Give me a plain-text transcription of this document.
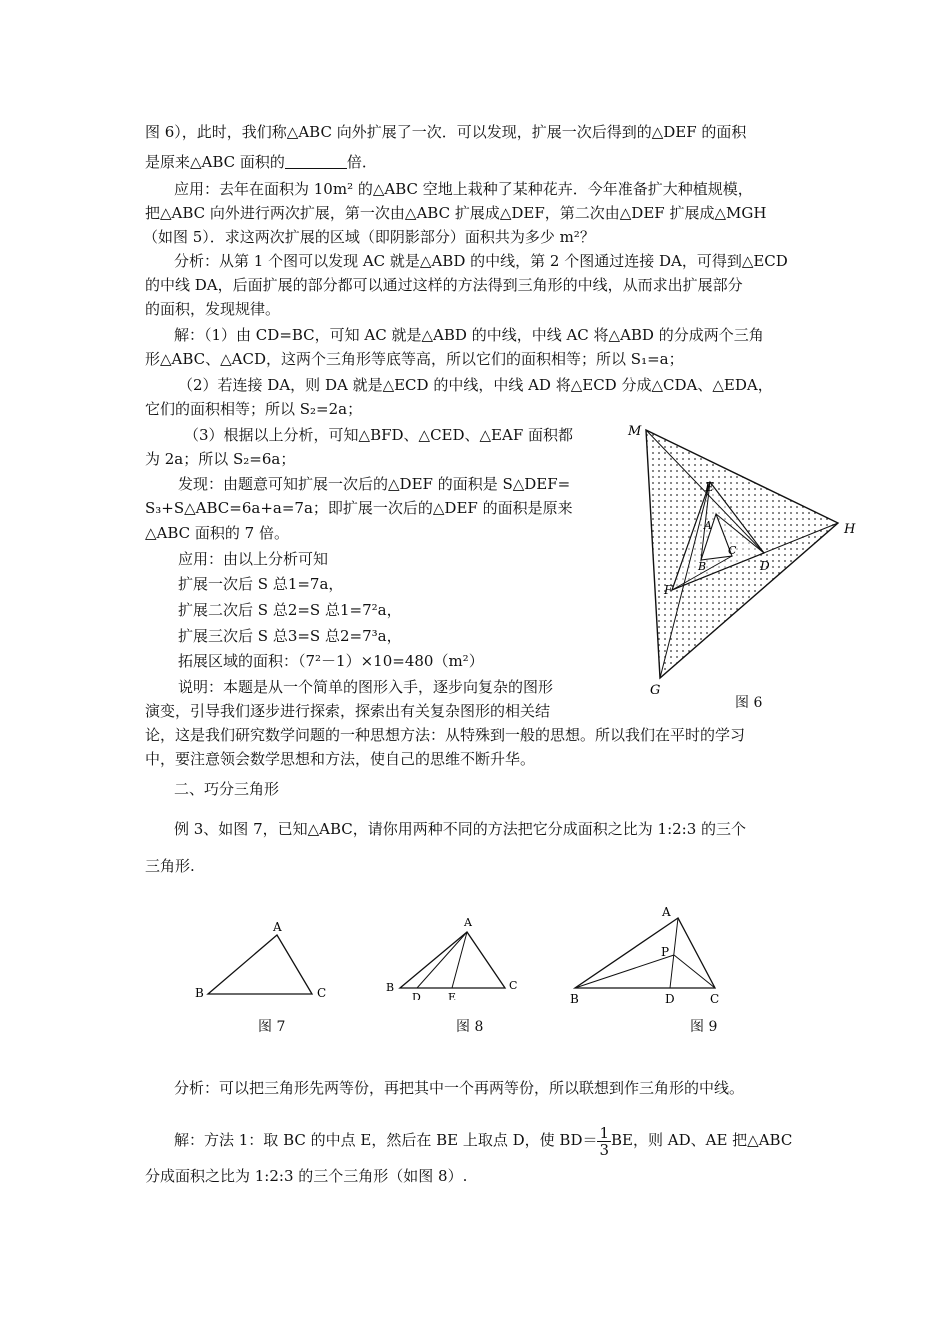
图 6），此时，我们称△ABC 向外扩展了一次．可以发现，扩展一次后得到的△DEF 的面积
是原来△ABC 面积的	倍．
应用：去年在面积为 10m² 的△ABC 空地上栽种了某种花卉．今年准备扩大种植规模，
把△ABC 向外进行两次扩展，第一次由△ABC 扩展成△DEF，第二次由△DEF 扩展成△MGH
（如图 5）．求这两次扩展的区域（即阴影部分）面积共为多少 m²？
分析：从第 1 个图可以发现 AC 就是△ABD 的中线，第 2 个图通过连接 DA，可得到△ECD
的中线 DA，后面扩展的部分都可以通过这样的方法得到三角形的中线，从而求出扩展部分
的面积，发现规律。
解：（1）由 CD=BC，可知 AC 就是△ABD 的中线，中线 AC 将△ABD 的分成两个三角
形△ABC、△ACD，这两个三角形等底等高，所以它们的面积相等；所以 S₁=a；
（2）若连接 DA，则 DA 就是△ECD 的中线，中线 AD 将△ECD 分成△CDA、△EDA，
它们的面积相等；所以 S₂=2a；
（3）根据以上分析，可知△BFD、△CED、△EAF 面积都
为 2a；所以 S₂=6a；
发现：由题意可知扩展一次后的△DEF 的面积是 S△DEF=
S₃+S△ABC=6a+a=7a；即扩展一次后的△DEF 的面积是原来
△ABC 面积的 7 倍。
应用：由以上分析可知
扩展一次后 S 总1=7a，
扩展二次后 S 总2=S 总1=7²a，
扩展三次后 S 总3=S 总2=7³a，
拓展区域的面积：（7²－1）×10=480（m²）
说明：本题是从一个简单的图形入手，逐步向复杂的图形
演变，引导我们逐步进行探索，探索出有关复杂图形的相关结
论，这是我们研究数学问题的一种思想方法：从特殊到一般的思想。所以我们在平时的学习
中，要注意领会数学思想和方法，使自己的思维不断升华。
二、巧分三角形
例 3、如图 7，已知△ABC，请你用两种不同的方法把它分成面积之比为 1:2:3 的三个
三角形.
分析：可以把三角形先两等份，再把其中一个再两等份，所以联想到作三角形的中线。
解：方法 1：取 BC 的中点 E，然后在 BE 上取点 D，使 $BD= \frac{1}{3}$ BE，则 AD、AE 把△ABC
分成面积之比为 1:2:3 的三个三角形（如图 8）.
M
H
G
E
F
D
A
B
C
图 6
A
B	C
图 7
A
B	C
D E
图 8
A
P
B	D	C
图 9
